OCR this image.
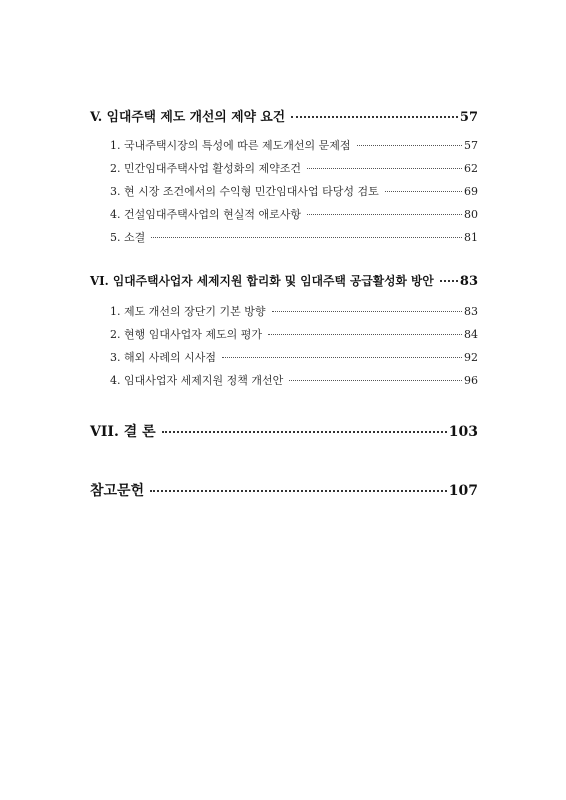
V. 임대주택 제도 개선의 제약 요건	57
1. 국내주택시장의 특성에 따른 제도개선의 문제점	57
2. 민간임대주택사업 활성화의 제약조건	62
3. 현 시장 조건에서의 수익형 민간임대사업 타당성 검토	69
4. 건설임대주택사업의 현실적 애로사항	80
5. 소결	81
VI. 임대주택사업자 세제지원 합리화 및 임대주택 공급활성화 방안 83
1. 제도 개선의 장단기 기본 방향	83
2. 현행 임대사업자 제도의 평가	84
3. 해외 사례의 시사점	92
4. 임대사업자 세제지원 정책 개선안	96
VII. 결 론	103
참고문헌	107
